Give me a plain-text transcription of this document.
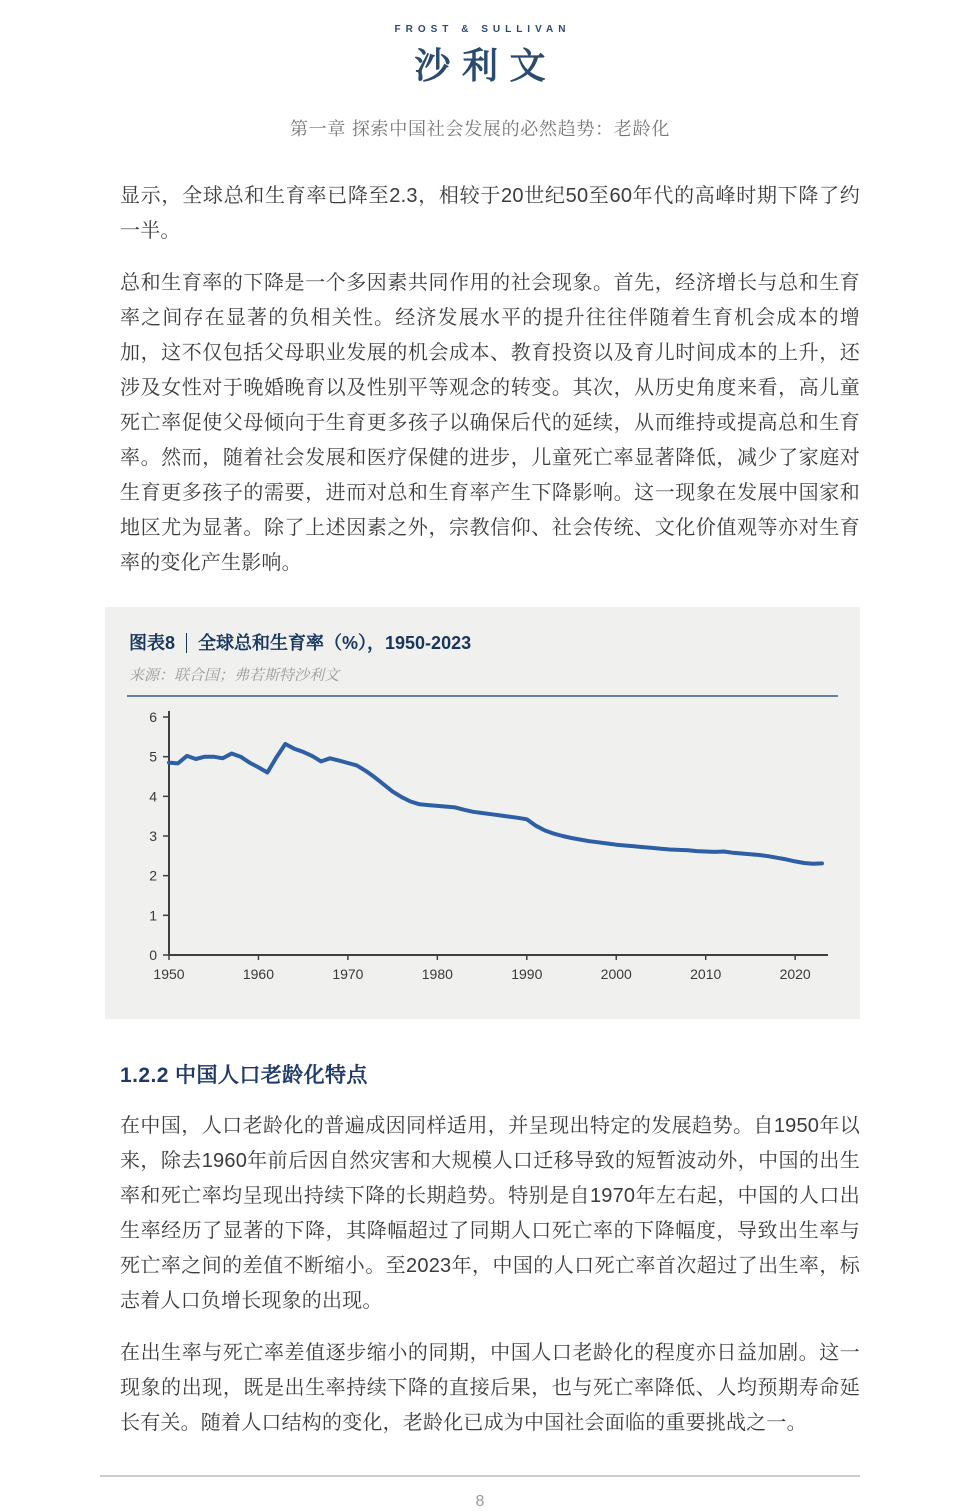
FROST & SULLIVAN
沙利文
第一章 探索中国社会发展的必然趋势：老龄化

显示，全球总和生育率已降至2.3，相较于20世纪50至60年代的高峰时期下降了约一半。

总和生育率的下降是一个多因素共同作用的社会现象。首先，经济增长与总和生育率之间存在显著的负相关性。经济发展水平的提升往往伴随着生育机会成本的增加，这不仅包括父母职业发展的机会成本、教育投资以及育儿时间成本的上升，还涉及女性对于晚婚晚育以及性别平等观念的转变。其次，从历史角度来看，高儿童死亡率促使父母倾向于生育更多孩子以确保后代的延续，从而维持或提高总和生育率。然而，随着社会发展和医疗保健的进步，儿童死亡率显著降低，减少了家庭对生育更多孩子的需要，进而对总和生育率产生下降影响。这一现象在发展中国家和地区尤为显著。除了上述因素之外，宗教信仰、社会传统、文化价值观等亦对生育率的变化产生影响。

图表8 全球总和生育率（%），1950-2023
来源：联合国；弗若斯特沙利文
0
1
2
3
4
5
6
1950	1960	1970	1980	1990	2000	2010	2020
1.2.2 中国人口老龄化特点

在中国，人口老龄化的普遍成因同样适用，并呈现出特定的发展趋势。自1950年以来，除去1960年前后因自然灾害和大规模人口迁移导致的短暂波动外，中国的出生率和死亡率均呈现出持续下降的长期趋势。特别是自1970年左右起，中国的人口出生率经历了显著的下降，其降幅超过了同期人口死亡率的下降幅度，导致出生率与死亡率之间的差值不断缩小。至2023年，中国的人口死亡率首次超过了出生率，标志着人口负增长现象的出现。

在出生率与死亡率差值逐步缩小的同期，中国人口老龄化的程度亦日益加剧。这一现象的出现，既是出生率持续下降的直接后果，也与死亡率降低、人均预期寿命延长有关。随着人口结构的变化，老龄化已成为中国社会面临的重要挑战之一。

8
